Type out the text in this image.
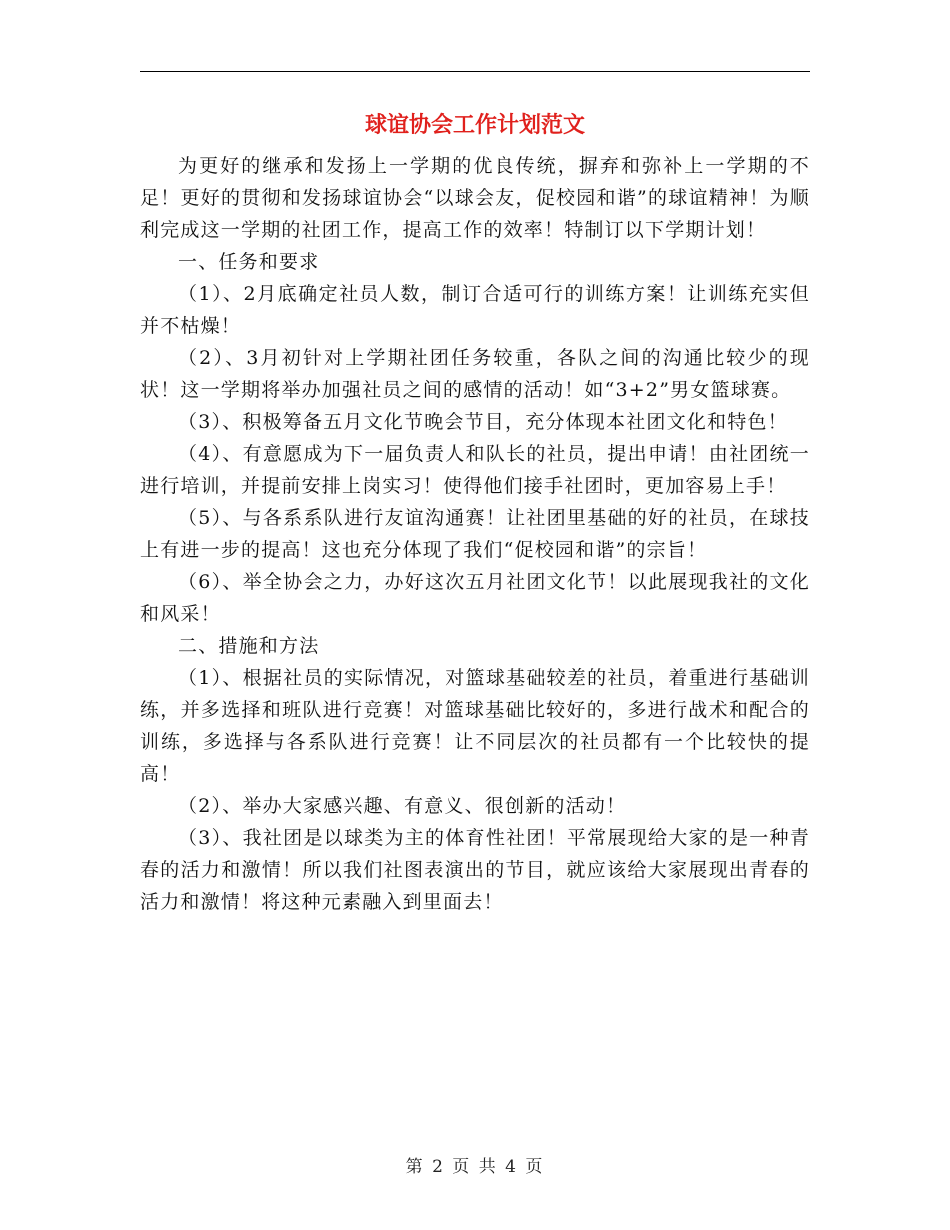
球谊协会工作计划范文

为更好的继承和发扬上一学期的优良传统，摒弃和弥补上一学期的不足！更好的贯彻和发扬球谊协会“以球会友，促校园和谐”的球谊精神！为顺利完成这一学期的社团工作，提高工作的效率！特制订以下学期计划！

一、任务和要求

（1）、2月底确定社员人数，制订合适可行的训练方案！让训练充实但并不枯燥！

（2）、3月初针对上学期社团任务较重，各队之间的沟通比较少的现状！这一学期将举办加强社员之间的感情的活动！如“3+2”男女篮球赛。

（3）、积极筹备五月文化节晚会节目，充分体现本社团文化和特色！

（4）、有意愿成为下一届负责人和队长的社员，提出申请！由社团统一进行培训，并提前安排上岗实习！使得他们接手社团时，更加容易上手！

（5）、与各系系队进行友谊沟通赛！让社团里基础的好的社员，在球技上有进一步的提高！这也充分体现了我们“促校园和谐”的宗旨！

（6）、举全协会之力，办好这次五月社团文化节！以此展现我社的文化和风采！

二、措施和方法

（1）、根据社员的实际情况，对篮球基础较差的社员，着重进行基础训练，并多选择和班队进行竞赛！对篮球基础比较好的，多进行战术和配合的训练，多选择与各系队进行竞赛！让不同层次的社员都有一个比较快的提高！

（2）、举办大家感兴趣、有意义、很创新的活动！

（3）、我社团是以球类为主的体育性社团！平常展现给大家的是一种青春的活力和激情！所以我们社图表演出的节目，就应该给大家展现出青春的活力和激情！将这种元素融入到里面去！

第 2 页 共 4 页
